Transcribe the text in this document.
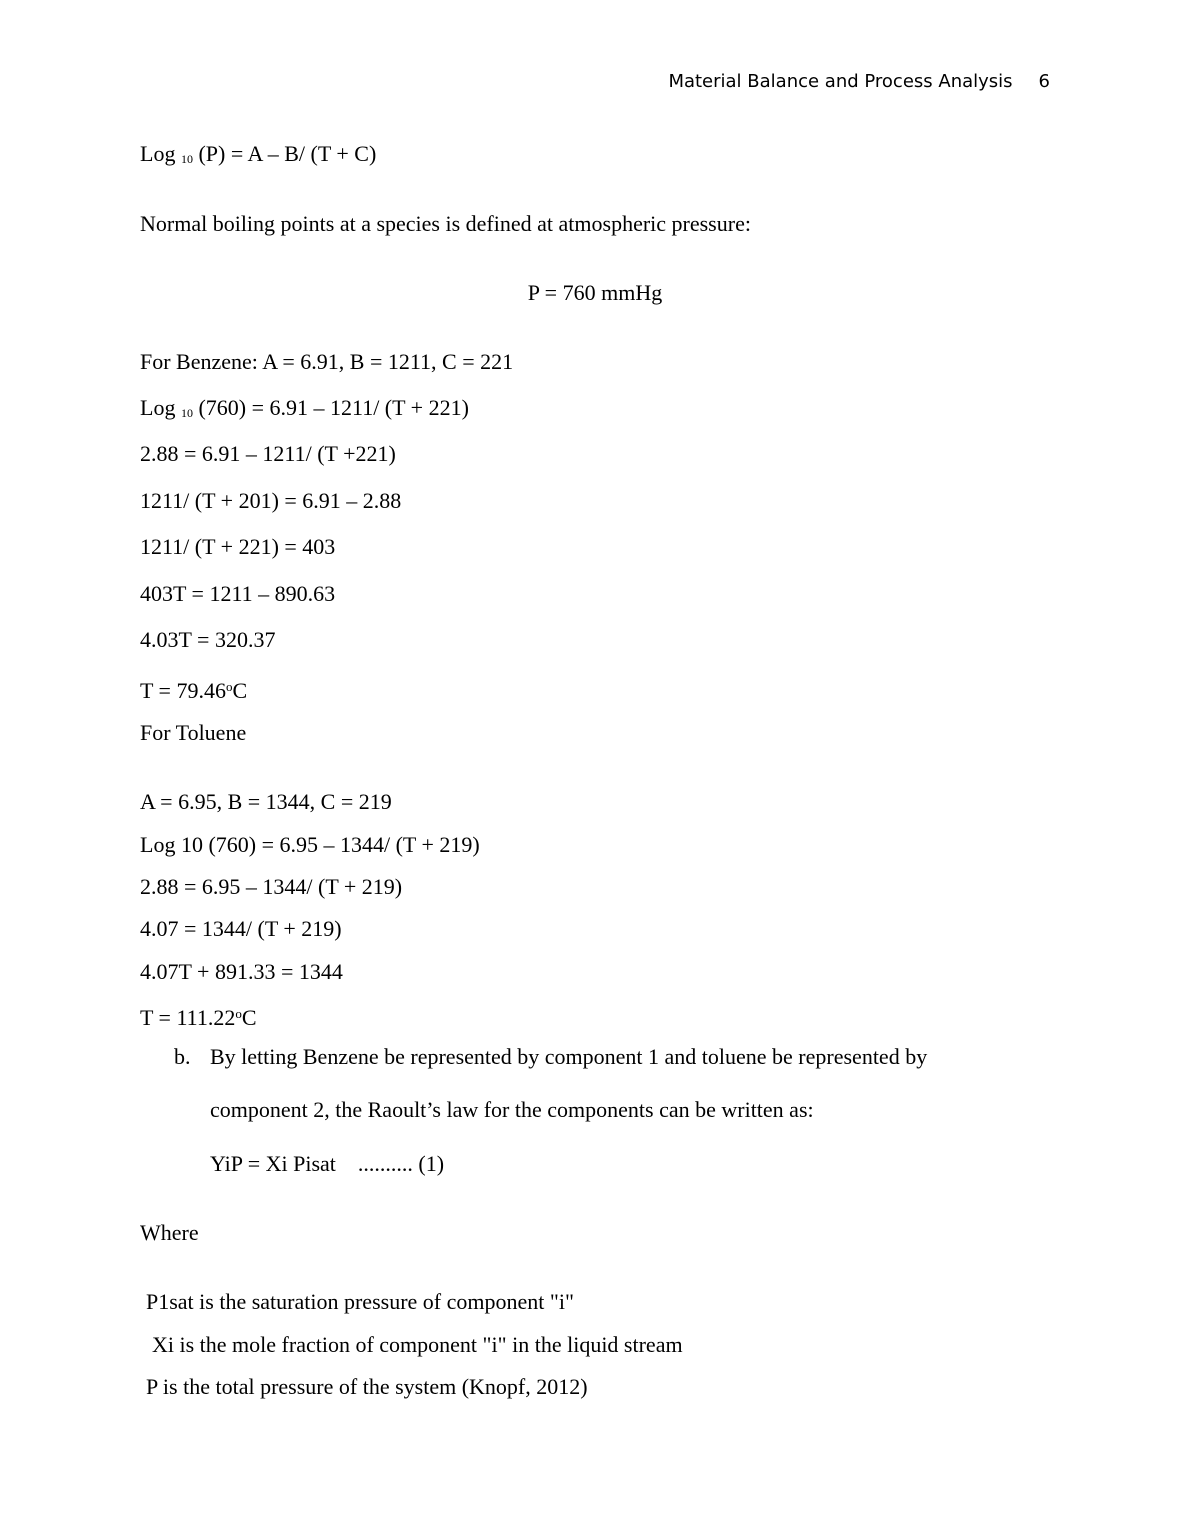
Material Balance and Process Analysis 6
Log 10 (P) = A – B/ (T + C)
Normal boiling points at a species is defined at atmospheric pressure:
P = 760 mmHg
For Benzene: A = 6.91, B = 1211, C = 221
Log 10 (760) = 6.91 – 1211/ (T + 221)
2.88 = 6.91 – 1211/ (T +221)
1211/ (T + 201) = 6.91 – 2.88
1211/ (T + 221) = 403
403T = 1211 – 890.63
4.03T = 320.37
$T = 79.46^oC$
For Toluene
A = 6.95, B = 1344, C = 219
Log 10 (760) = 6.95 – 1344/ (T + 219)
2.88 = 6.95 – 1344/ (T + 219)
4.07 = 1344/ (T + 219)
4.07T + 891.33 = 1344
$T = 111.22^oC$
b. By letting Benzene be represented by component 1 and toluene be represented by
component 2, the Raoult’s law for the components can be written as:
YiP = Xi Pisat    .......... (1)
Where
P1sat is the saturation pressure of component "i"
Xi is the mole fraction of component "i" in the liquid stream
P is the total pressure of the system (Knopf, 2012)
